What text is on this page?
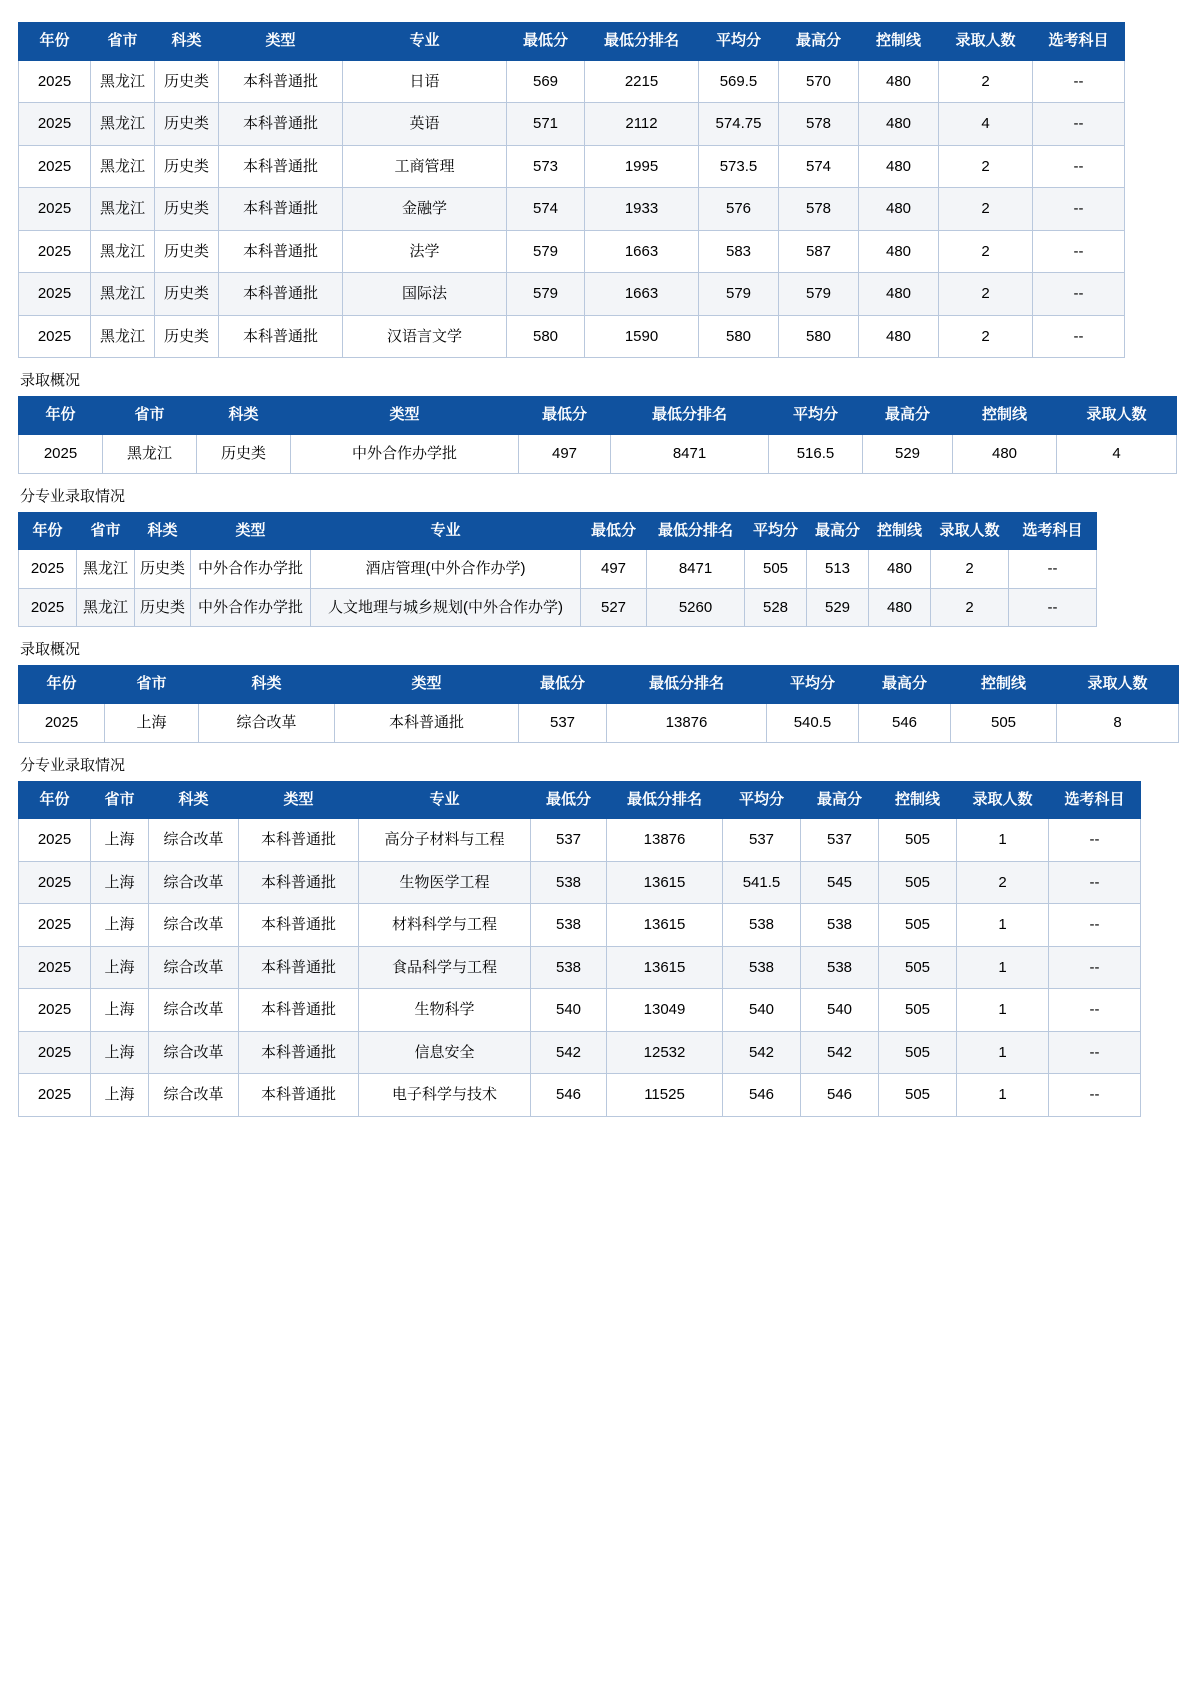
年份	省市	科类	类型	专业	最低分	最低分排名	平均分	最高分	控制线	录取人数	选考科目
2025	黑龙江	历史类	本科普通批	日语	569	2215	569.5	570	480	2	--
2025	黑龙江	历史类	本科普通批	英语	571	2112	574.75	578	480	4	--
2025	黑龙江	历史类	本科普通批	工商管理	573	1995	573.5	574	480	2	--
2025	黑龙江	历史类	本科普通批	金融学	574	1933	576	578	480	2	--
2025	黑龙江	历史类	本科普通批	法学	579	1663	583	587	480	2	--
2025	黑龙江	历史类	本科普通批	国际法	579	1663	579	579	480	2	--
2025	黑龙江	历史类	本科普通批	汉语言文学	580	1590	580	580	480	2	--
录取概况
年份	省市	科类	类型	最低分	最低分排名	平均分	最高分	控制线	录取人数
2025	黑龙江	历史类	中外合作办学批	497	8471	516.5	529	480	4
分专业录取情况
年份	省市	科类	类型	专业	最低分	最低分排名	平均分	最高分	控制线	录取人数	选考科目
2025	黑龙江	历史类	中外合作办学批	酒店管理(中外合作办学)	497	8471	505	513	480	2	--
2025	黑龙江	历史类	中外合作办学批	人文地理与城乡规划(中外合作办学)	527	5260	528	529	480	2	--
录取概况
年份	省市	科类	类型	最低分	最低分排名	平均分	最高分	控制线	录取人数
2025	上海	综合改革	本科普通批	537	13876	540.5	546	505	8
分专业录取情况
年份	省市	科类	类型	专业	最低分	最低分排名	平均分	最高分	控制线	录取人数	选考科目
2025	上海	综合改革	本科普通批	高分子材料与工程	537	13876	537	537	505	1	--
2025	上海	综合改革	本科普通批	生物医学工程	538	13615	541.5	545	505	2	--
2025	上海	综合改革	本科普通批	材料科学与工程	538	13615	538	538	505	1	--
2025	上海	综合改革	本科普通批	食品科学与工程	538	13615	538	538	505	1	--
2025	上海	综合改革	本科普通批	生物科学	540	13049	540	540	505	1	--
2025	上海	综合改革	本科普通批	信息安全	542	12532	542	542	505	1	--
2025	上海	综合改革	本科普通批	电子科学与技术	546	11525	546	546	505	1	--
